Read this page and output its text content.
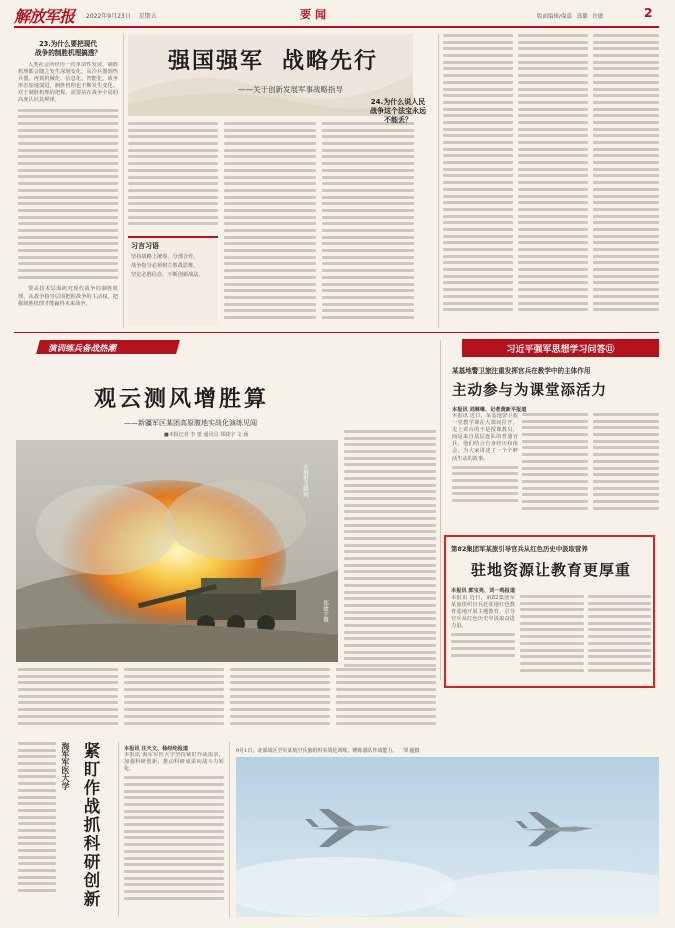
解放军报	2022年9月23日 星期五	要闻	版面编辑/保嘉 郭璐 许敏	2
23.为什么要把现代
战争的制胜机理搞透？

人类社会所经历一次革命性发展，制胜机理都会随之发生深刻变化。从冷兵器到热兵器，再到机械化、信息化、智能化，战争形态加速演进，制胜机理也不断发生变化。对于制胜机理的把握，需要站在战争全局的高度认识其规律。

要从技术层面研究现代战争的制胜机理，从战争指导层面把握战争的主动权，把握制胜机理才能赢得未来战争。

强国强军 战略先行
——关于创新发展军事战略指导
习言习语
坚持战略上统筹、分部合作。
战争指导必须树立胜战思维。
坚定必胜信念，不断创新战法。
24.为什么说人民
战争这个法宝永远
不能丢？
习近平强军思想学习问答⑪
演训练兵备战热潮
观云测风增胜算
——新疆军区某团高原腹地实战化演练见闻
■本报记者 李 蕾 通讯员 郑婕宇 文 涵
火炮射击瞬间。
郑婕宇摄
某基地警卫旅注重发挥官兵在教学中的主体作用
主动参与为课堂添活力
本报讯 刘琳琳、记者黄新平报道

本报讯 近日，某基地警卫旅一堂教学课在大课间拉开。走上讲台的不是授课教员，而是来自基层连队的普通官兵，他们结合自身经历和体会，为大家讲述了一个个鲜活生动的故事。

第82集团军某旅引导官兵从红色历史中汲取营养
驻地资源让教育更厚重
本报讯 郭宝亮、刘一鸣报道

本报讯 近日，第82集团军某旅组织官兵赴驻地红色教育基地开展主题教育，引导官兵从红色历史中汲取奋进力量。

海军军医大学 紧盯作战抓科研创新	本报讯 汪天文、杨经纶报道

本报讯 海军军医大学坚持紧盯作战需求，加强科研创新，推动科研成果向战斗力转化。

9月1日，北部战区空军某航空兵旅组织实战化训练，锤炼部队作战能力。 邹 超摄
